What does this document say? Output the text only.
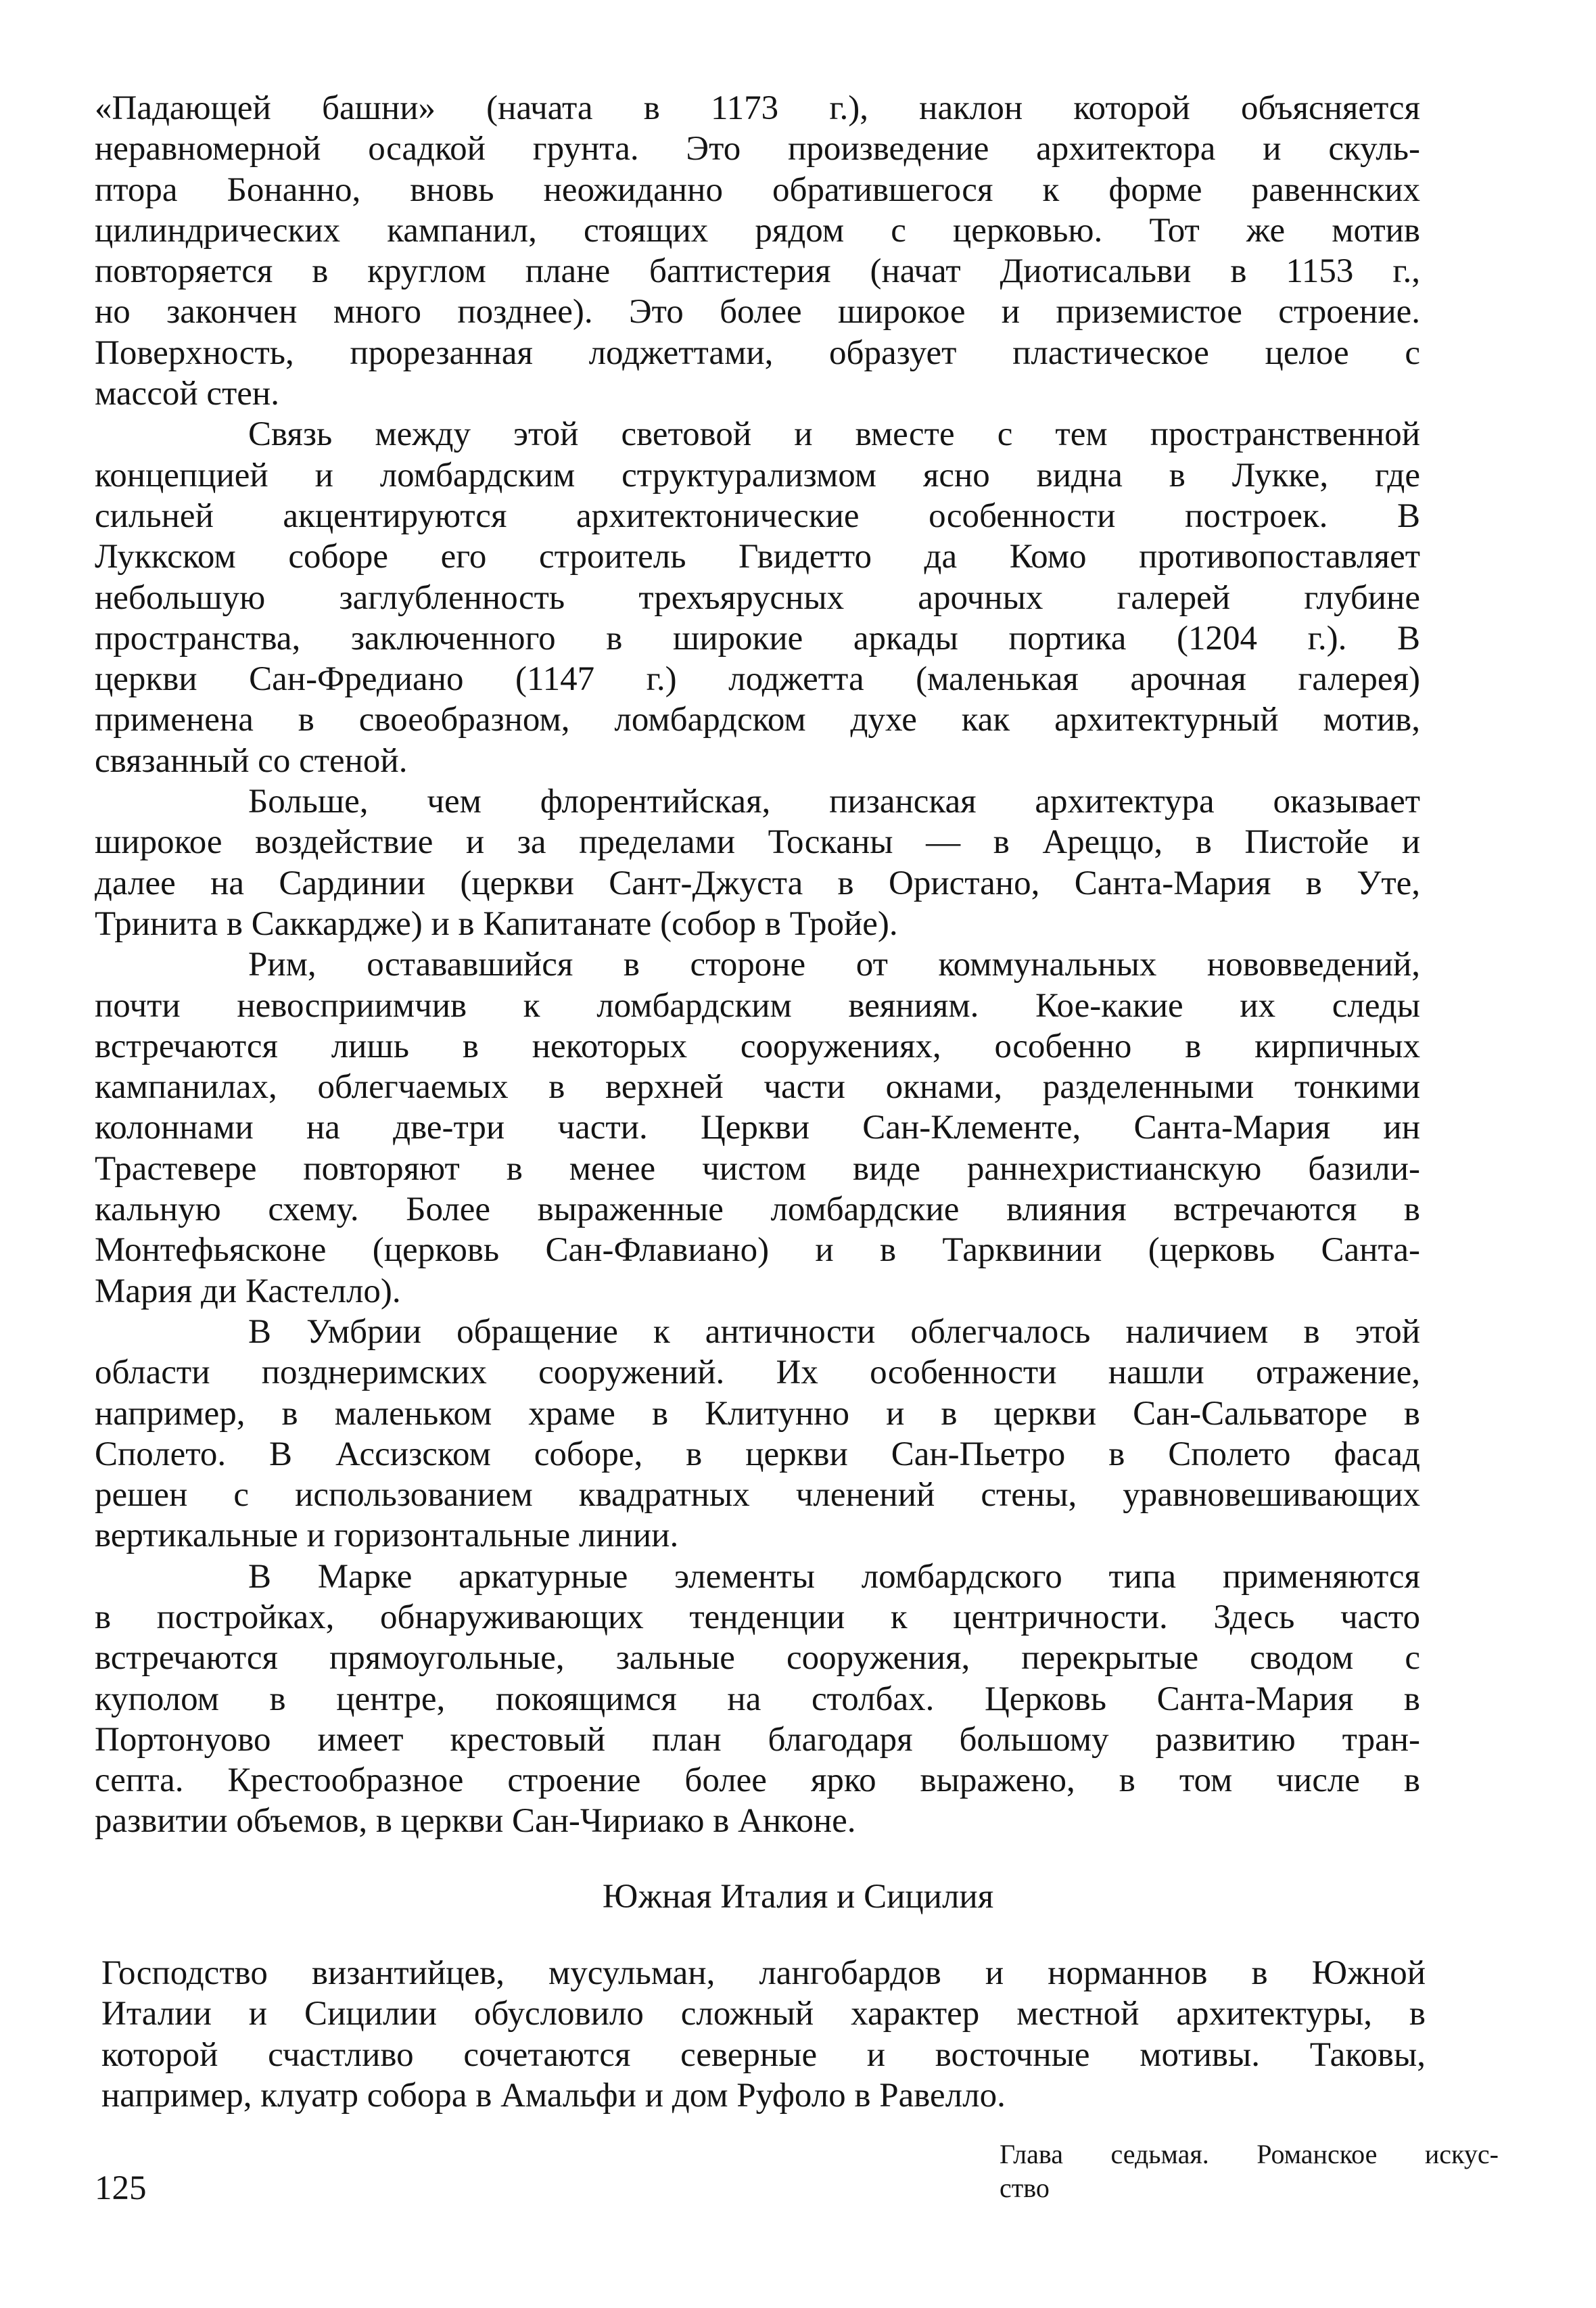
«Падающей башни» (начата в 1173 г.), наклон которой объясняется
неравномерной осадкой грунта. Это произведение архитектора и скуль-
птора Бонанно, вновь неожиданно обратившегося к форме равеннских
цилиндрических кампанил, стоящих рядом с церковью. Тот же мотив
повторяется в круглом плане баптистерия (начат Диотисальви в 1153 г.,
но закончен много позднее). Это более широкое и приземистое строение.
Поверхность, прорезанная лоджеттами, образует пластическое целое с
массой стен.
Связь между этой световой и вместе с тем пространственной
концепцией и ломбардским структурализмом ясно видна в Лукке, где
сильней акцентируются архитектонические особенности построек. В
Луккском соборе его строитель Гвидетто да Комо противопоставляет
небольшую заглубленность трехъярусных арочных галерей глубине
пространства, заключенного в широкие аркады портика (1204 г.). В
церкви Сан-Фредиано (1147 г.) лоджетта (маленькая арочная галерея)
применена в своеобразном, ломбардском духе как архитектурный мотив,
связанный со стеной.
Больше, чем флорентийская, пизанская архитектура оказывает
широкое воздействие и за пределами Тосканы — в Ареццо, в Пистойе и
далее на Сардинии (церкви Сант-Джуста в Ористано, Санта-Мария в Уте,
Тринита в Саккардже) и в Капитанате (собор в Тройе).
Рим, остававшийся в стороне от коммунальных нововведений,
почти невосприимчив к ломбардским веяниям. Кое-какие их следы
встречаются лишь в некоторых сооружениях, особенно в кирпичных
кампанилах, облегчаемых в верхней части окнами, разделенными тонкими
колоннами на две-три части. Церкви Сан-Клементе, Санта-Мария ин
Трастевере повторяют в менее чистом виде раннехристианскую базили-
кальную схему. Более выраженные ломбардские влияния встречаются в
Монтефьясконе (церковь Сан-Флавиано) и в Тарквинии (церковь Санта-
Мария ди Кастелло).
В Умбрии обращение к античности облегчалось наличием в этой
области позднеримских сооружений. Их особенности нашли отражение,
например, в маленьком храме в Клитунно и в церкви Сан-Сальваторе в
Сполето. В Ассизском соборе, в церкви Сан-Пьетро в Сполето фасад
решен с использованием квадратных членений стены, уравновешивающих
вертикальные и горизонтальные линии.
В Марке аркатурные элементы ломбардского типа применяются
в постройках, обнаруживающих тенденции к центричности. Здесь часто
встречаются прямоугольные, зальные сооружения, перекрытые сводом с
куполом в центре, покоящимся на столбах. Церковь Санта-Мария в
Портонуово имеет крестовый план благодаря большому развитию тран-
септа. Крестообразное строение более ярко выражено, в том числе в
развитии объемов, в церкви Сан-Чириако в Анконе.
Южная Италия и Сицилия
Господство византийцев, мусульман, лангобардов и норманнов в Южной
Италии и Сицилии обусловило сложный характер местной архитектуры, в
которой счастливо сочетаются северные и восточные мотивы. Таковы,
например, клуатр собора в Амальфи и дом Руфоло в Равелло.
125
Глава седьмая. Романское искус-
ство
